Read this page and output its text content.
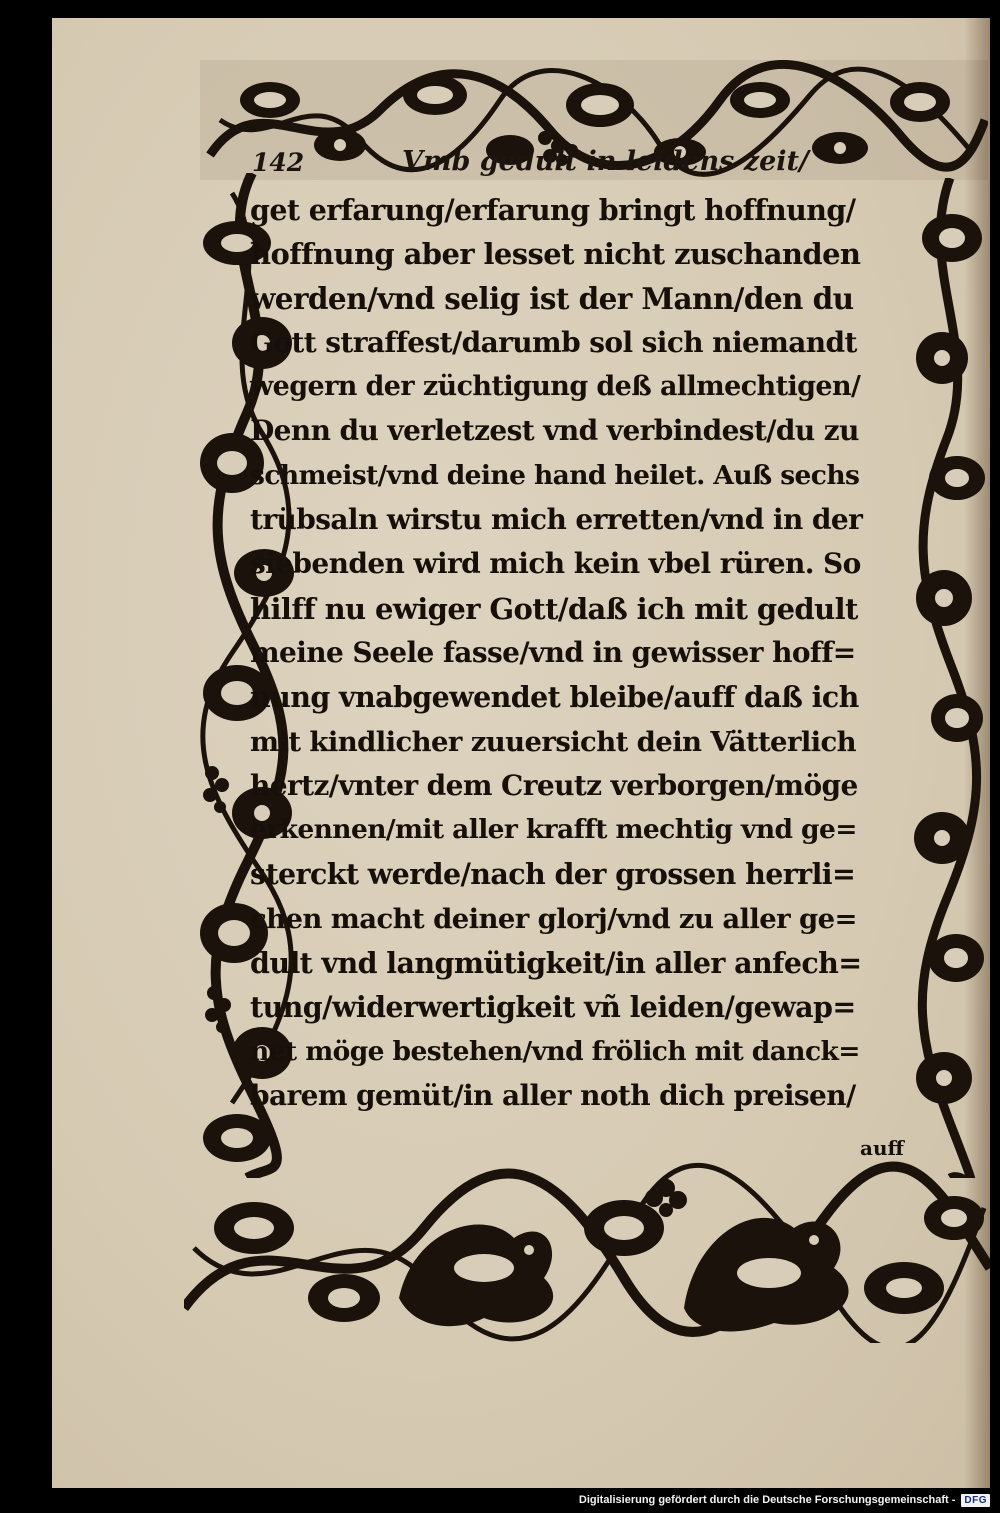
142	Vmb gedult in leidens zeit/
get erfarung/erfarung bringt hoffnung/
hoffnung aber lesset nicht zuschanden
werden/vnd selig ist der Mann/den du
Gott straffest/darumb sol sich niemandt
wegern der züchtigung deß allmechtigen/
Denn du verletzest vnd verbindest/du zu
schmeist/vnd deine hand heilet. Auß sechs
trübsaln wirstu mich erretten/vnd in der
siebenden wird mich kein vbel rüren. So
hilff nu ewiger Gott/daß ich mit gedult
meine Seele fasse/vnd in gewisser hoff=
nung vnabgewendet bleibe/auff daß ich
mit kindlicher zuuersicht dein Vätterlich
hertz/vnter dem Creutz verborgen/möge
erkennen/mit aller krafft mechtig vnd ge=
sterckt werde/nach der grossen herrli=
chen macht deiner glorj/vnd zu aller ge=
dult vnd langmütigkeit/in aller anfech=
tung/widerwertigkeit vñ leiden/gewap=
net möge bestehen/vnd frölich mit danck=
barem gemüt/in aller noth dich preisen/
auff
Digitalisierung gefördert durch die Deutsche Forschungsgemeinschaft - DFG
